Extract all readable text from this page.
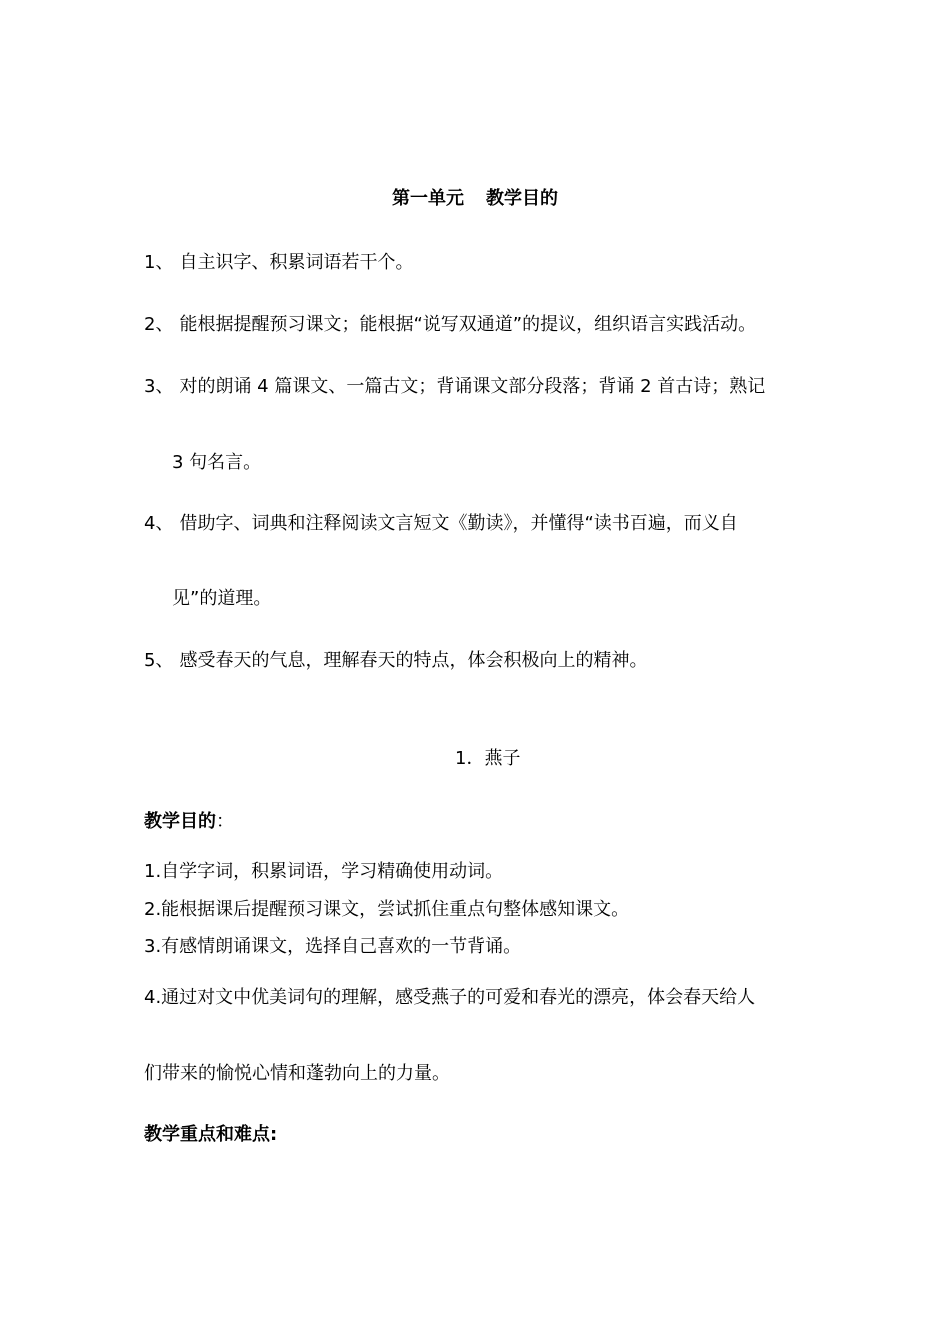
第一单元 教学目的
1、 自主识字、积累词语若干个。
2、 能根据提醒预习课文；能根据“说写双通道”的提议，组织语言实践活动。
3、 对的朗诵 4 篇课文、一篇古文；背诵课文部分段落；背诵 2 首古诗；熟记
3 句名言。
4、 借助字、词典和注释阅读文言短文《勤读》，并懂得“读书百遍，而义自
见”的道理。
5、 感受春天的气息，理解春天的特点，体会积极向上的精神。
1．燕子
教学目的：
1.自学字词，积累词语，学习精确使用动词。
2.能根据课后提醒预习课文，尝试抓住重点句整体感知课文。
3.有感情朗诵课文，选择自己喜欢的一节背诵。
4.通过对文中优美词句的理解，感受燕子的可爱和春光的漂亮，体会春天给人
们带来的愉悦心情和蓬勃向上的力量。
教学重点和难点:
